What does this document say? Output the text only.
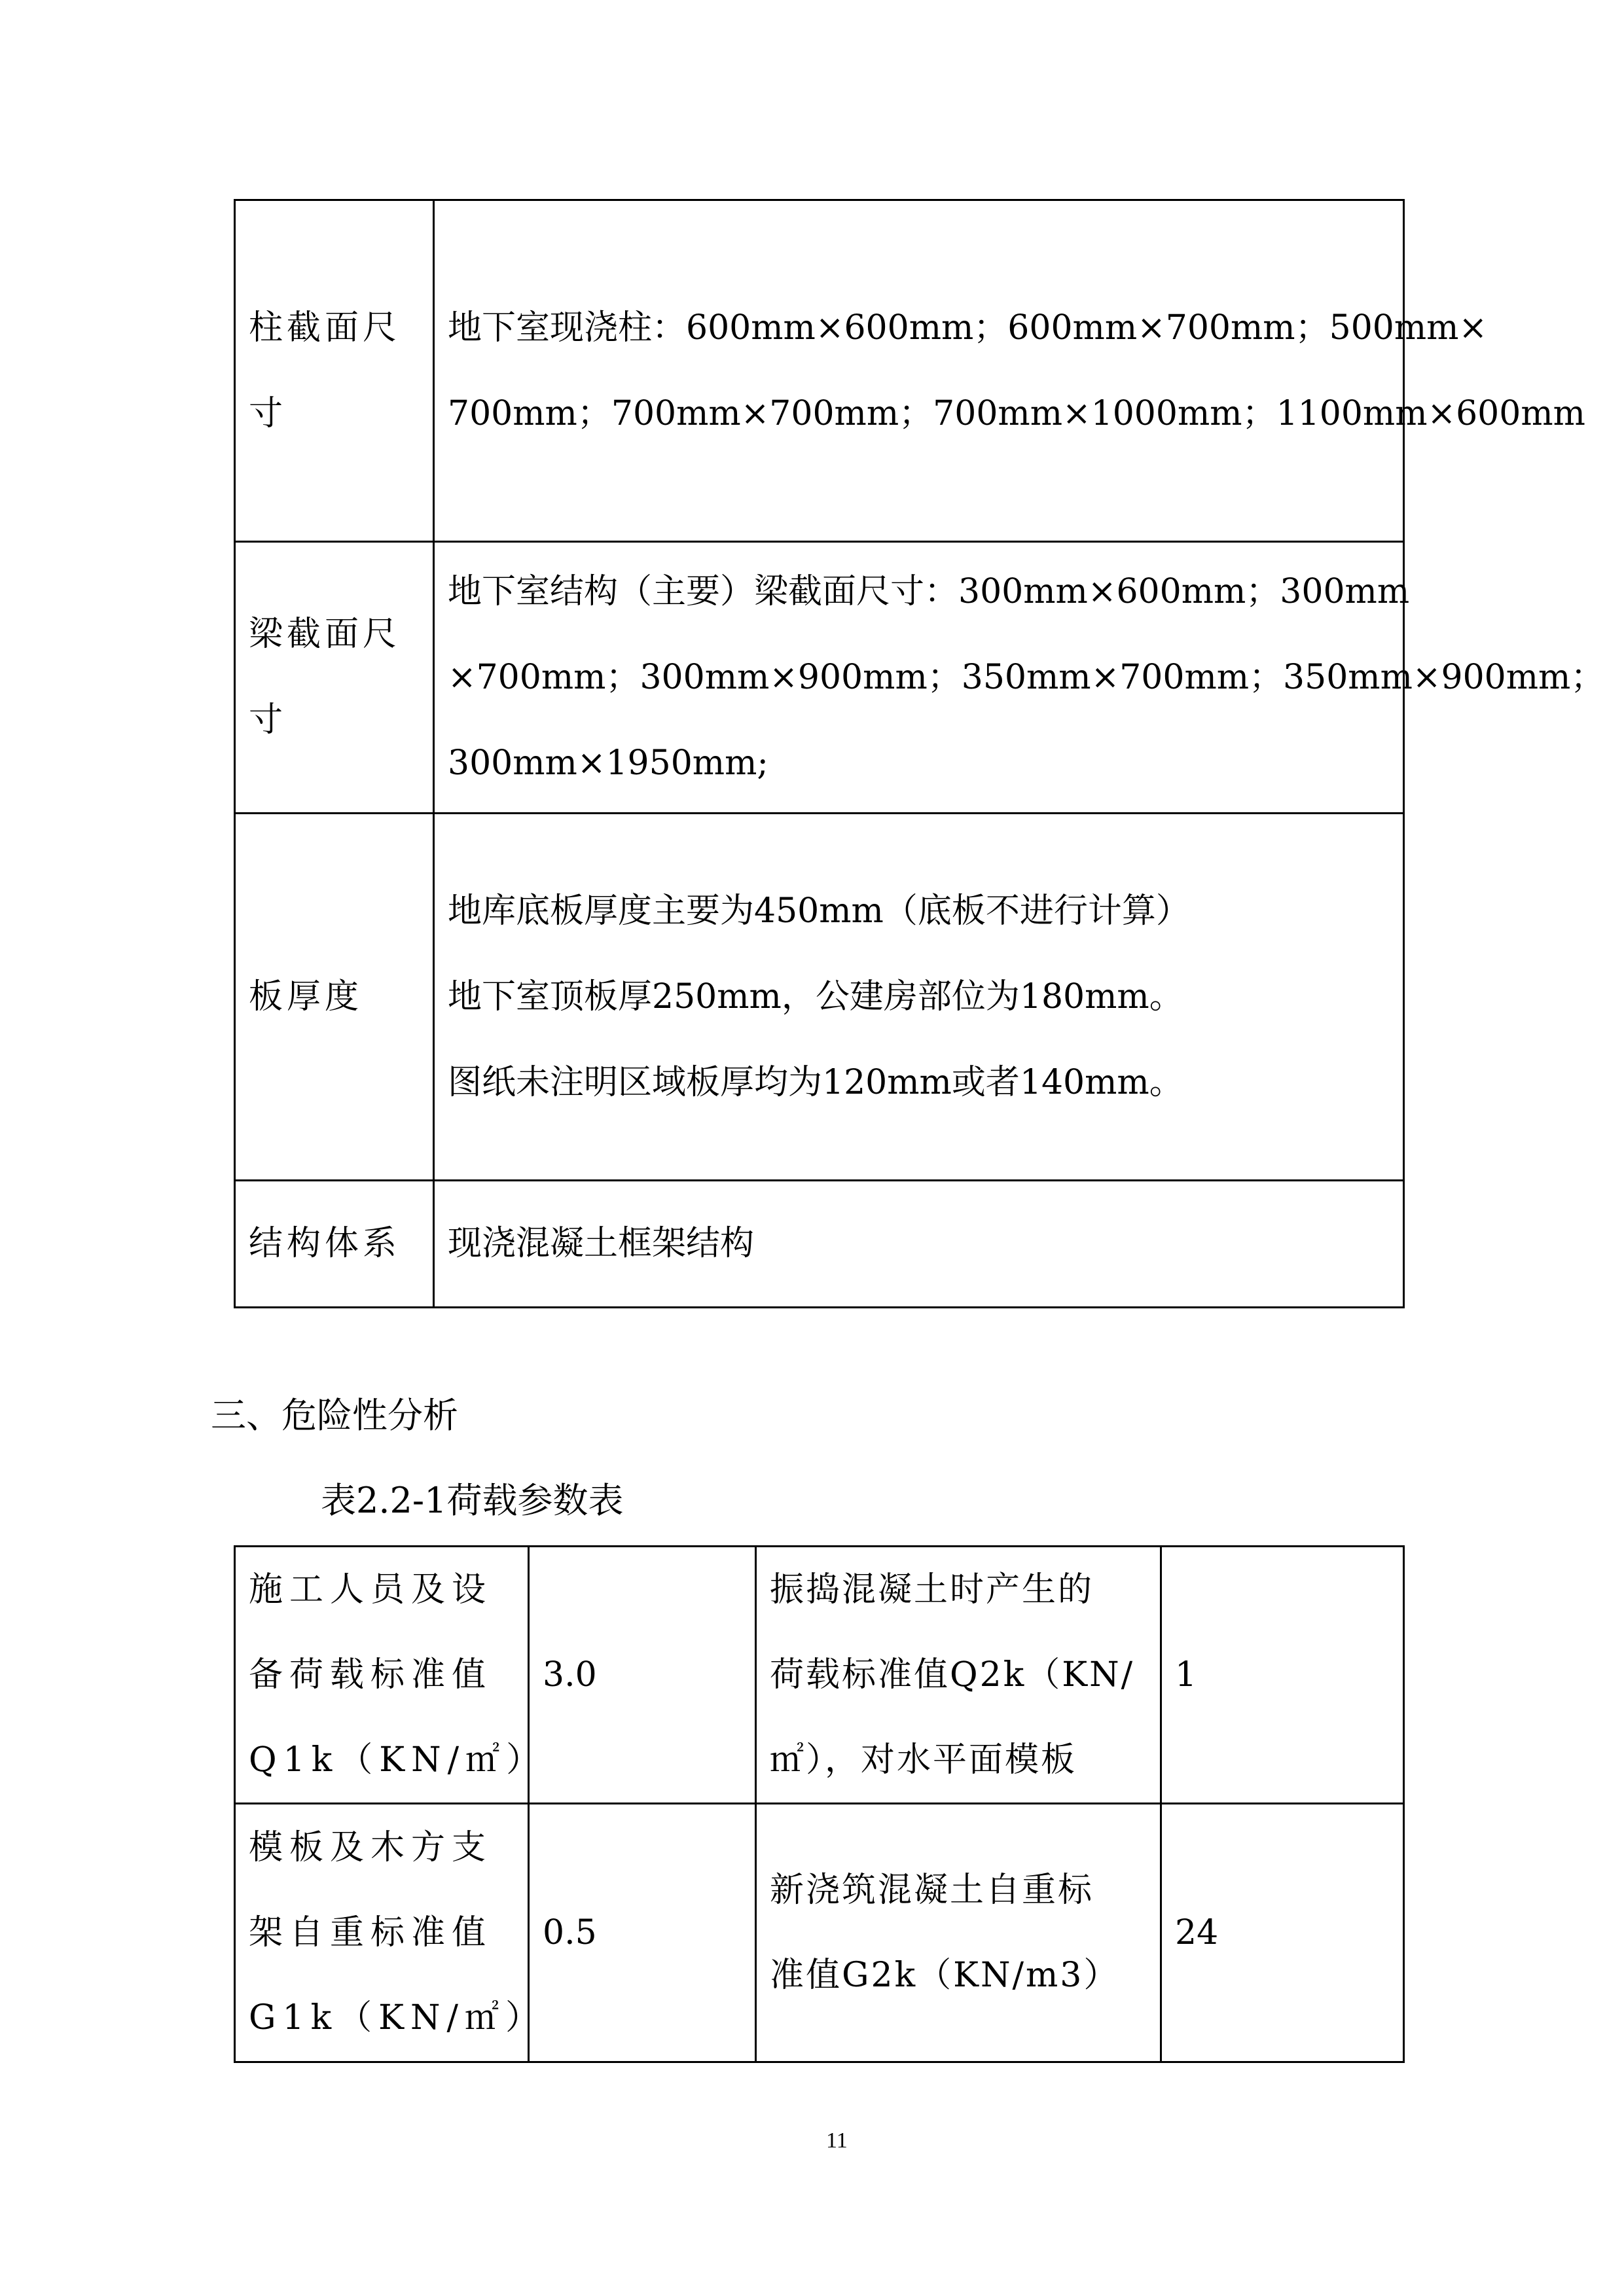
柱截面尺
寸	地下室现浇柱：600mm×600mm；600mm×700mm；500mm×
700mm；700mm×700mm；700mm×1000mm；1100mm×600mm

梁截面尺
寸	地下室结构（主要）梁截面尺寸：300mm×600mm；300mm
×700mm；300mm×900mm；350mm×700mm；350mm×900mm；
300mm×1950mm;

板厚度	地库底板厚度主要为450mm（底板不进行计算）
地下室顶板厚250mm，公建房部位为180mm。
图纸未注明区域板厚均为120mm或者140mm。

结构体系	现浇混凝土框架结构
三、危险性分析
表2.2-1荷载参数表
施工人员及设
备荷载标准值
Q1k（KN/㎡）	3.0	振捣混凝土时产生的
荷载标准值Q2k（KN/
㎡），对水平面模板	1

模板及木方支
架自重标准值
G1k（KN/㎡）	0.5	新浇筑混凝土自重标
准值G2k（KN/m3）	24
11
